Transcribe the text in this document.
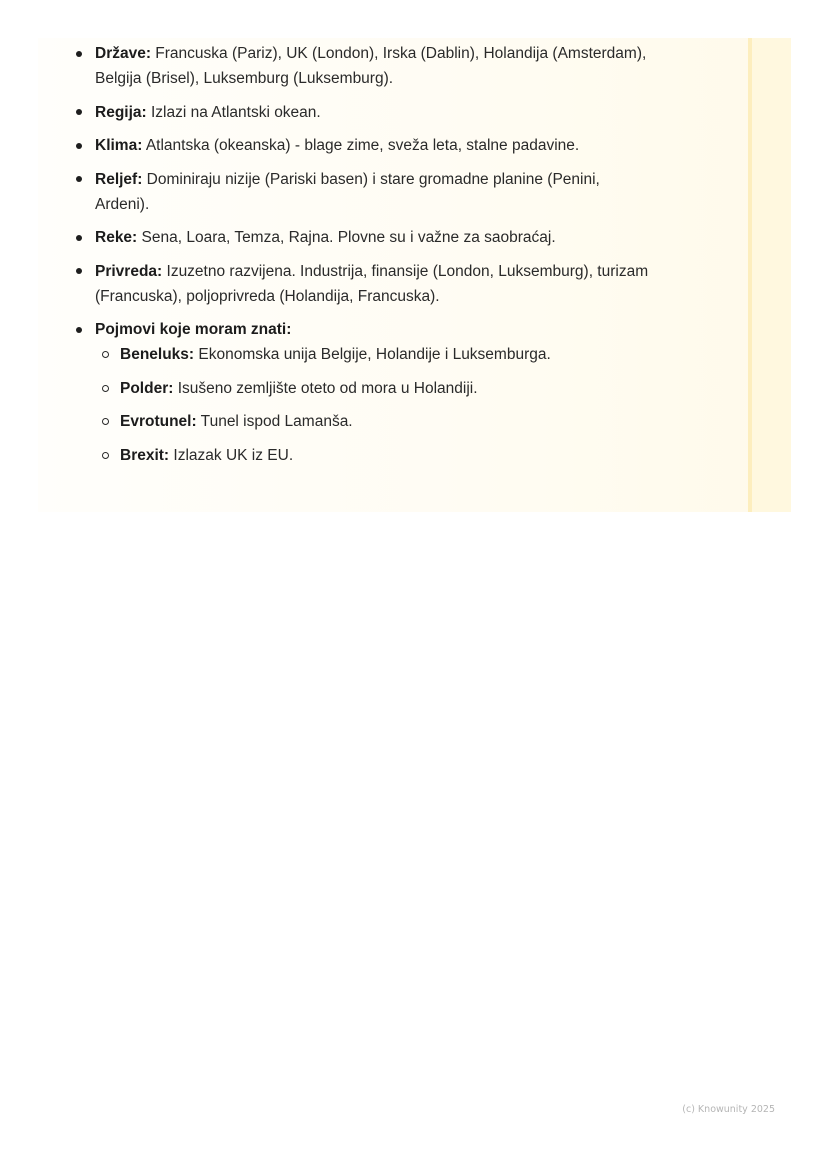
Države: Francuska (Pariz), UK (London), Irska (Dablin), Holandija (Amsterdam), Belgija (Brisel), Luksemburg (Luksemburg).
Regija: Izlazi na Atlantski okean.
Klima: Atlantska (okeanska) - blage zime, sveža leta, stalne padavine.
Reljef: Dominiraju nizije (Pariski basen) i stare gromadne planine (Penini, Ardeni).
Reke: Sena, Loara, Temza, Rajna. Plovne su i važne za saobraćaj.
Privreda: Izuzetno razvijena. Industrija, finansije (London, Luksemburg), turizam (Francuska), poljoprivreda (Holandija, Francuska).
Pojmovi koje moram znati:
Beneluks: Ekonomska unija Belgije, Holandije i Luksemburga.
Polder: Isušeno zemljište oteto od mora u Holandiji.
Evrotunel: Tunel ispod Lamanša.
Brexit: Izlazak UK iz EU.
(c) Knowunity 2025
